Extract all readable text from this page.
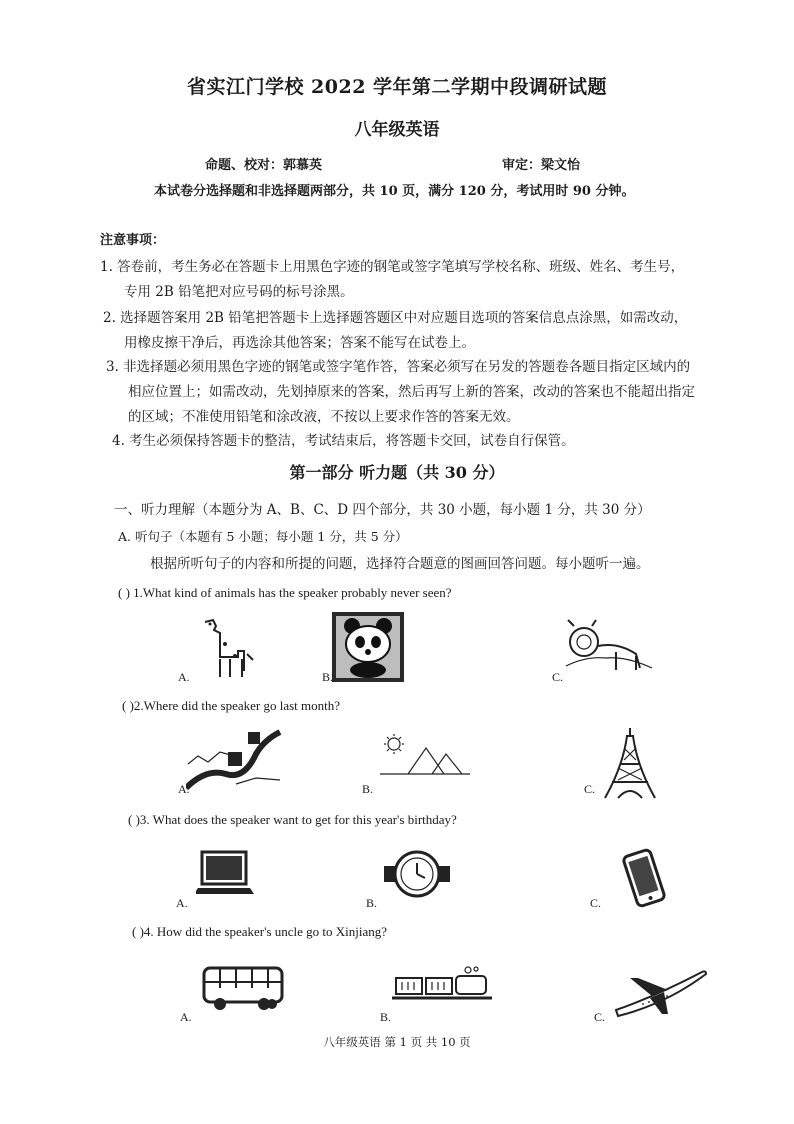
省实江门学校 2022 学年第二学期中段调研试题
八年级英语
命题、校对：郭慕英	审定：梁文怡
本试卷分选择题和非选择题两部分，共 10 页，满分 120 分，考试用时 90 分钟。
注意事项：
1. 答卷前，考生务必在答题卡上用黑色字迹的钢笔或签字笔填写学校名称、班级、姓名、考生号，
专用 2B 铅笔把对应号码的标号涂黑。
2. 选择题答案用 2B 铅笔把答题卡上选择题答题区中对应题目选项的答案信息点涂黑，如需改动，
用橡皮擦干净后，再选涂其他答案；答案不能写在试卷上。
3. 非选择题必须用黑色字迹的钢笔或签字笔作答，答案必须写在另发的答题卷各题目指定区域内的
相应位置上；如需改动，先划掉原来的答案，然后再写上新的答案，改动的答案也不能超出指定
的区域；不准使用铅笔和涂改液，不按以上要求作答的答案无效。
4. 考生必须保持答题卡的整洁，考试结束后，将答题卡交回，试卷自行保管。
第一部分 听力题（共 30 分）
一、听力理解（本题分为 A、B、C、D 四个部分，共 30 小题，每小题 1 分，共 30 分）
A. 听句子（本题有 5 小题；每小题 1 分，共 5 分）
根据所听句子的内容和所提的问题，选择符合题意的图画回答问题。每小题听一遍。
( ) 1.What kind of animals has the speaker probably never seen?
A.	B.	C.
( )2.Where did the speaker go last month?
A.	B.	C.
( )3. What does the speaker want to get for this year's birthday?
A.	B.	C.
( )4. How did the speaker's uncle go to Xinjiang?
A.	B.	C.
八年级英语 第 1 页 共 10 页
